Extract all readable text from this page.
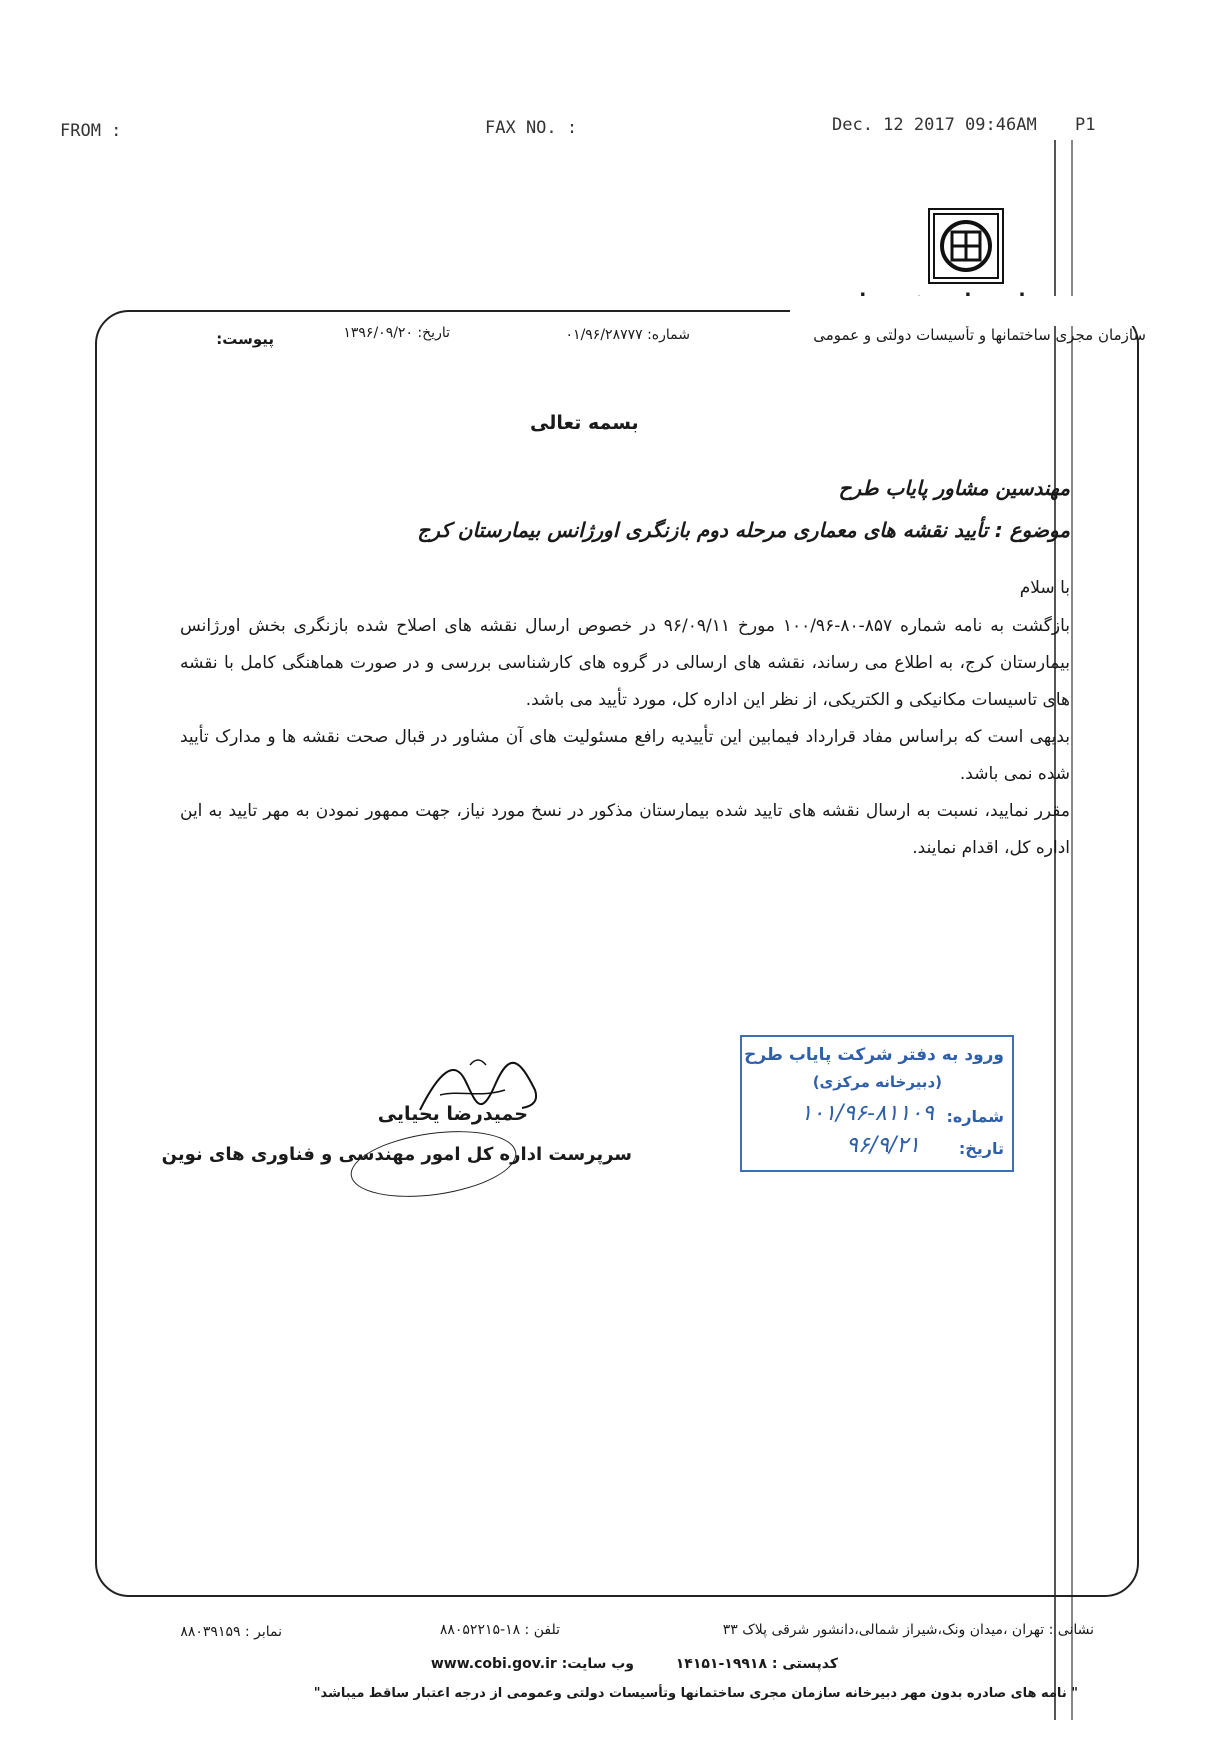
FROM :	FAX NO. :	Dec. 12 2017 09:46AM P1
سازمان مجری ساختمانها و تأسیسات دولتی و عمومی
شماره: ۰۱/۹۶/۲۸۷۷۷
تاریخ: ۱۳۹۶/۰۹/۲۰
پیوست:
بسمه تعالی
مهندسین مشاور پایاب طرح
موضوع : تأیید نقشه های معماری مرحله دوم بازنگری اورژانس بیمارستان کرج
با سلام

بازگشت به نامه شماره ۸۵۷-۸۰-۱۰۰/۹۶ مورخ ۹۶/۰۹/۱۱ در خصوص ارسال نقشه های اصلاح شده بازنگری بخش اورژانس بیمارستان کرج، به اطلاع می رساند، نقشه های ارسالی در گروه های کارشناسی بررسی و در صورت هماهنگی کامل با نقشه های تاسیسات مکانیکی و الکتریکی، از نظر این اداره کل، مورد تأیید می باشد.

بدیهی است که براساس مفاد قرارداد فیمابین این تأییدیه رافع مسئولیت های آن مشاور در قبال صحت نقشه ها و مدارک تأیید شده نمی باشد.

مقرر نمایید، نسبت به ارسال نقشه های تایید شده بیمارستان مذکور در نسخ مورد نیاز، جهت ممهور نمودن به مهر تایید به این اداره کل، اقدام نمایند.

حمیدرضا یحیایی
سرپرست اداره کل امور مهندسی و فناوری های نوین
ورود به دفتر شرکت پایاب طرح
(دبیرخانه مرکزی)
شماره:
۱۰۱/۹۶-۸۱۱۰۹
تاریخ:
۹۶/۹/۲۱
نشانی : تهران ،میدان ونک،شیراز شمالی،دانشور شرقی پلاک ۳۳
تلفن : ۱۸-۸۸۰۵۲۲۱۵
نمابر : ۸۸۰۳۹۱۵۹
کدپستی : ۱۹۹۱۸-۱۴۱۵۱
وب سایت: www.cobi.gov.ir
" نامه های صادره بدون مهر دبیرخانه سازمان مجری ساختمانها وتأسیسات دولتی وعمومی از درجه اعتبار ساقط میباشد"
